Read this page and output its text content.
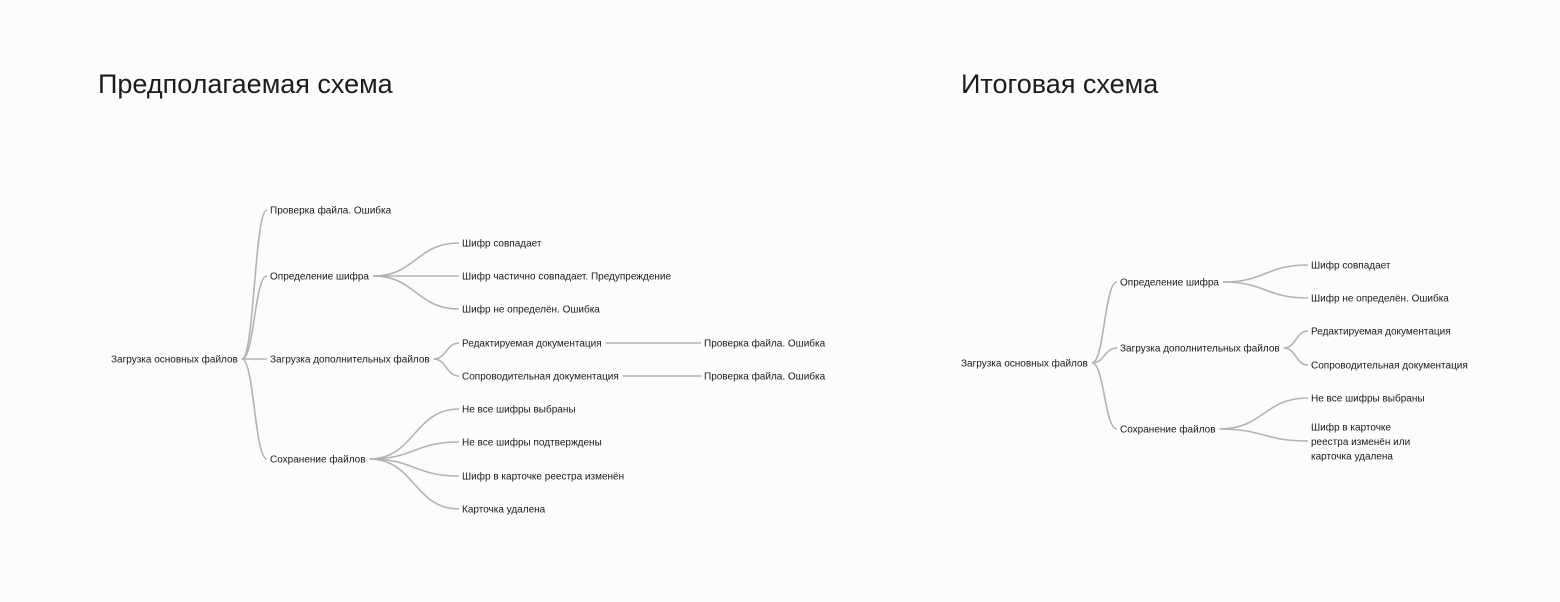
Предполагаемая схема	Итоговая схема
Загрузка основных файлов
Проверка файла. Ошибка
Определение шифра
Шифр совпадает
Шифр частично совпадает. Предупреждение
Шифр не определён. Ошибка
Загрузка дополнительных файлов
Редактируемая документация	Проверка файла. Ошибка
Сопроводительная документация	Проверка файла. Ошибка
Сохранение файлов
Не все шифры выбраны
Не все шифры подтверждены
Шифр в карточке реестра изменён
Карточка удалена
Загрузка основных файлов
Определение шифра
Шифр совпадает
Шифр не определён. Ошибка
Загрузка дополнительных файлов
Редактируемая документация
Сопроводительная документация
Сохранение файлов
Не все шифры выбраны
Шифр в карточке реестра изменён или карточка удалена
